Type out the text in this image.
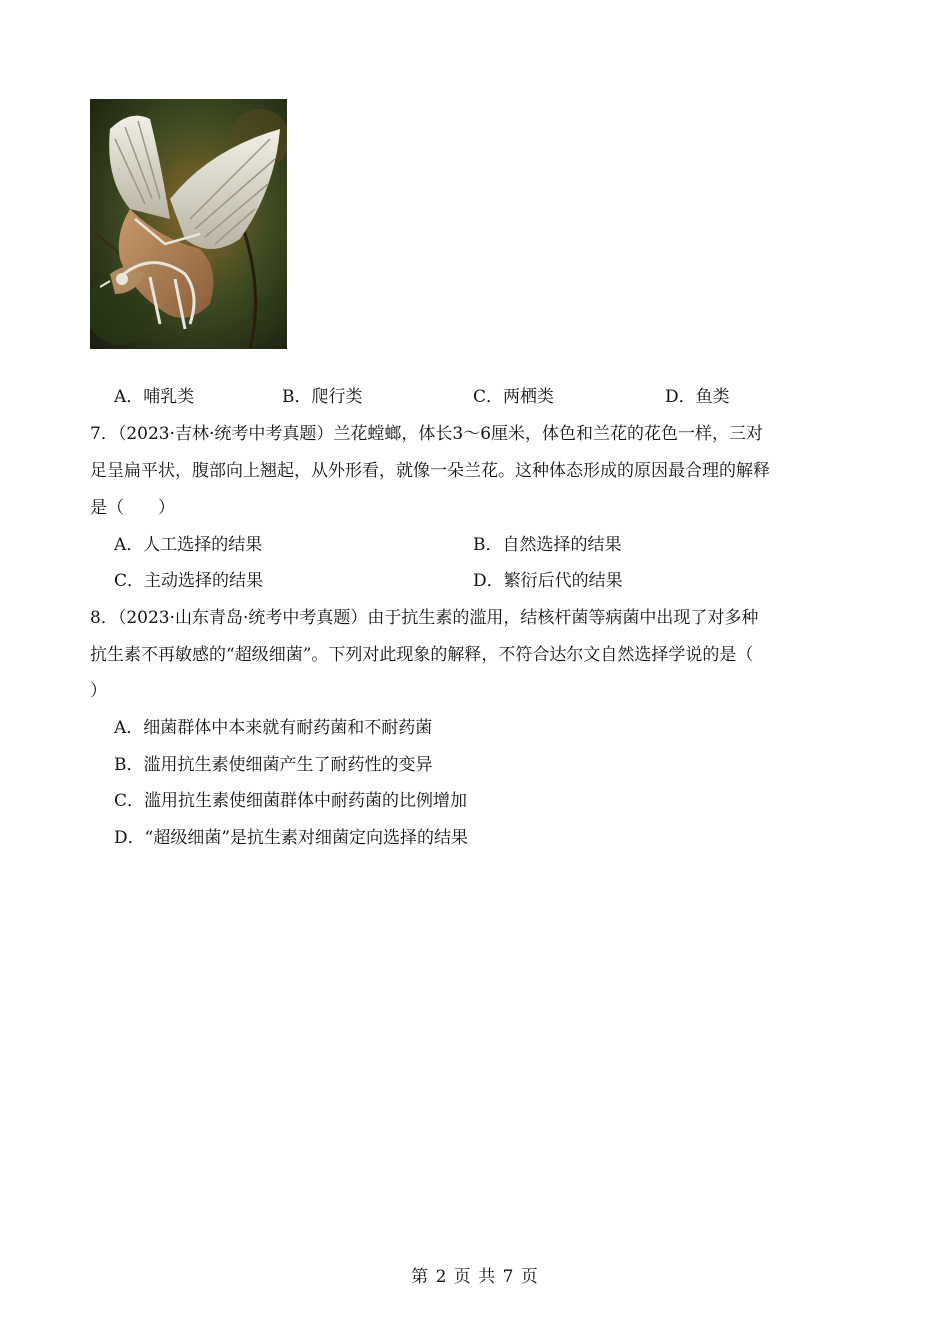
A．哺乳类	B．爬行类	C．两栖类	D．鱼类
7．（2023·吉林·统考中考真题）兰花螳螂，体长3～6厘米，体色和兰花的花色一样，三对
足呈扁平状，腹部向上翘起，从外形看，就像一朵兰花。这种体态形成的原因最合理的解释
是（　　）
A．人工选择的结果	B．自然选择的结果
C．主动选择的结果	D．繁衍后代的结果
8．（2023·山东青岛·统考中考真题）由于抗生素的滥用，结核杆菌等病菌中出现了对多种
抗生素不再敏感的“超级细菌”。下列对此现象的解释，不符合达尔文自然选择学说的是（
）
A．细菌群体中本来就有耐药菌和不耐药菌
B．滥用抗生素使细菌产生了耐药性的变异
C．滥用抗生素使细菌群体中耐药菌的比例增加
D．“超级细菌”是抗生素对细菌定向选择的结果
第 2 页 共 7 页
